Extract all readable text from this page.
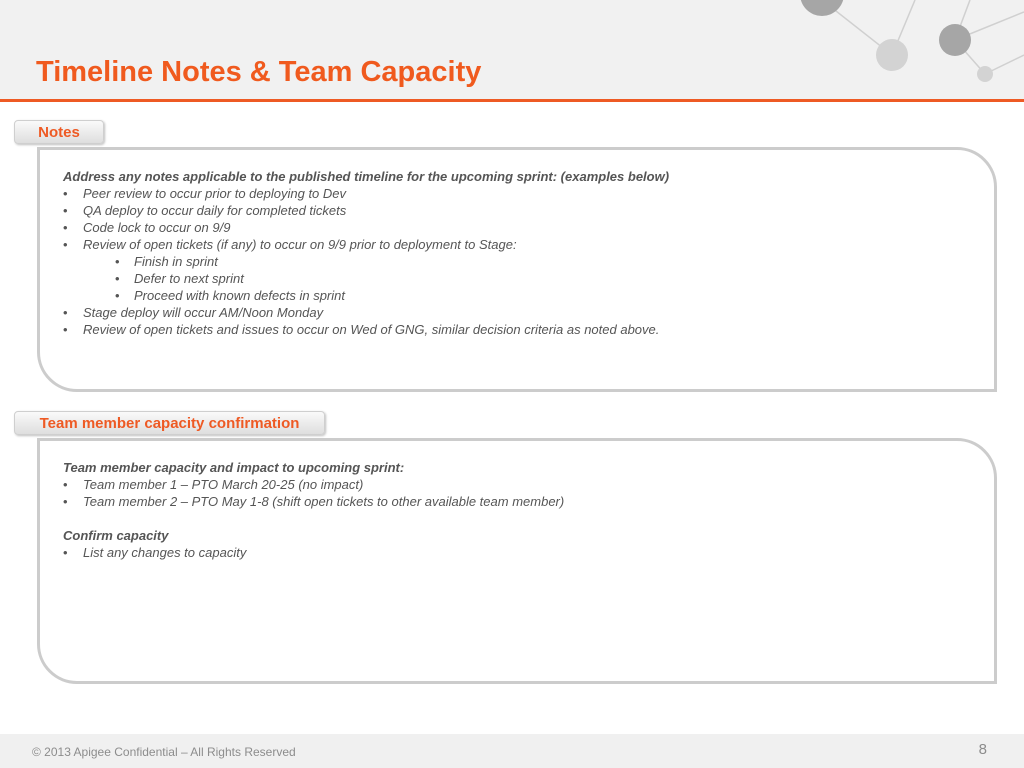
Timeline Notes & Team Capacity
Notes

Address any notes applicable to the published timeline for the upcoming sprint: (examples below)

• Peer review to occur prior to deploying to Dev
• QA deploy to occur daily for completed tickets
• Code lock to occur on 9/9
• Review of open tickets (if any) to occur on 9/9 prior to deployment to Stage:
• Finish in sprint
• Defer to next sprint
• Proceed with known defects in sprint
• Stage deploy will occur AM/Noon Monday
• Review of open tickets and issues to occur on Wed of GNG, similar decision criteria as noted above.
Team member capacity confirmation

Team member capacity and impact to upcoming sprint:

• Team member 1 – PTO March 20-25 (no impact)
• Team member 2 – PTO May 1-8 (shift open tickets to other available team member)

Confirm capacity

• List any changes to capacity
© 2013 Apigee Confidential – All Rights Reserved	8
